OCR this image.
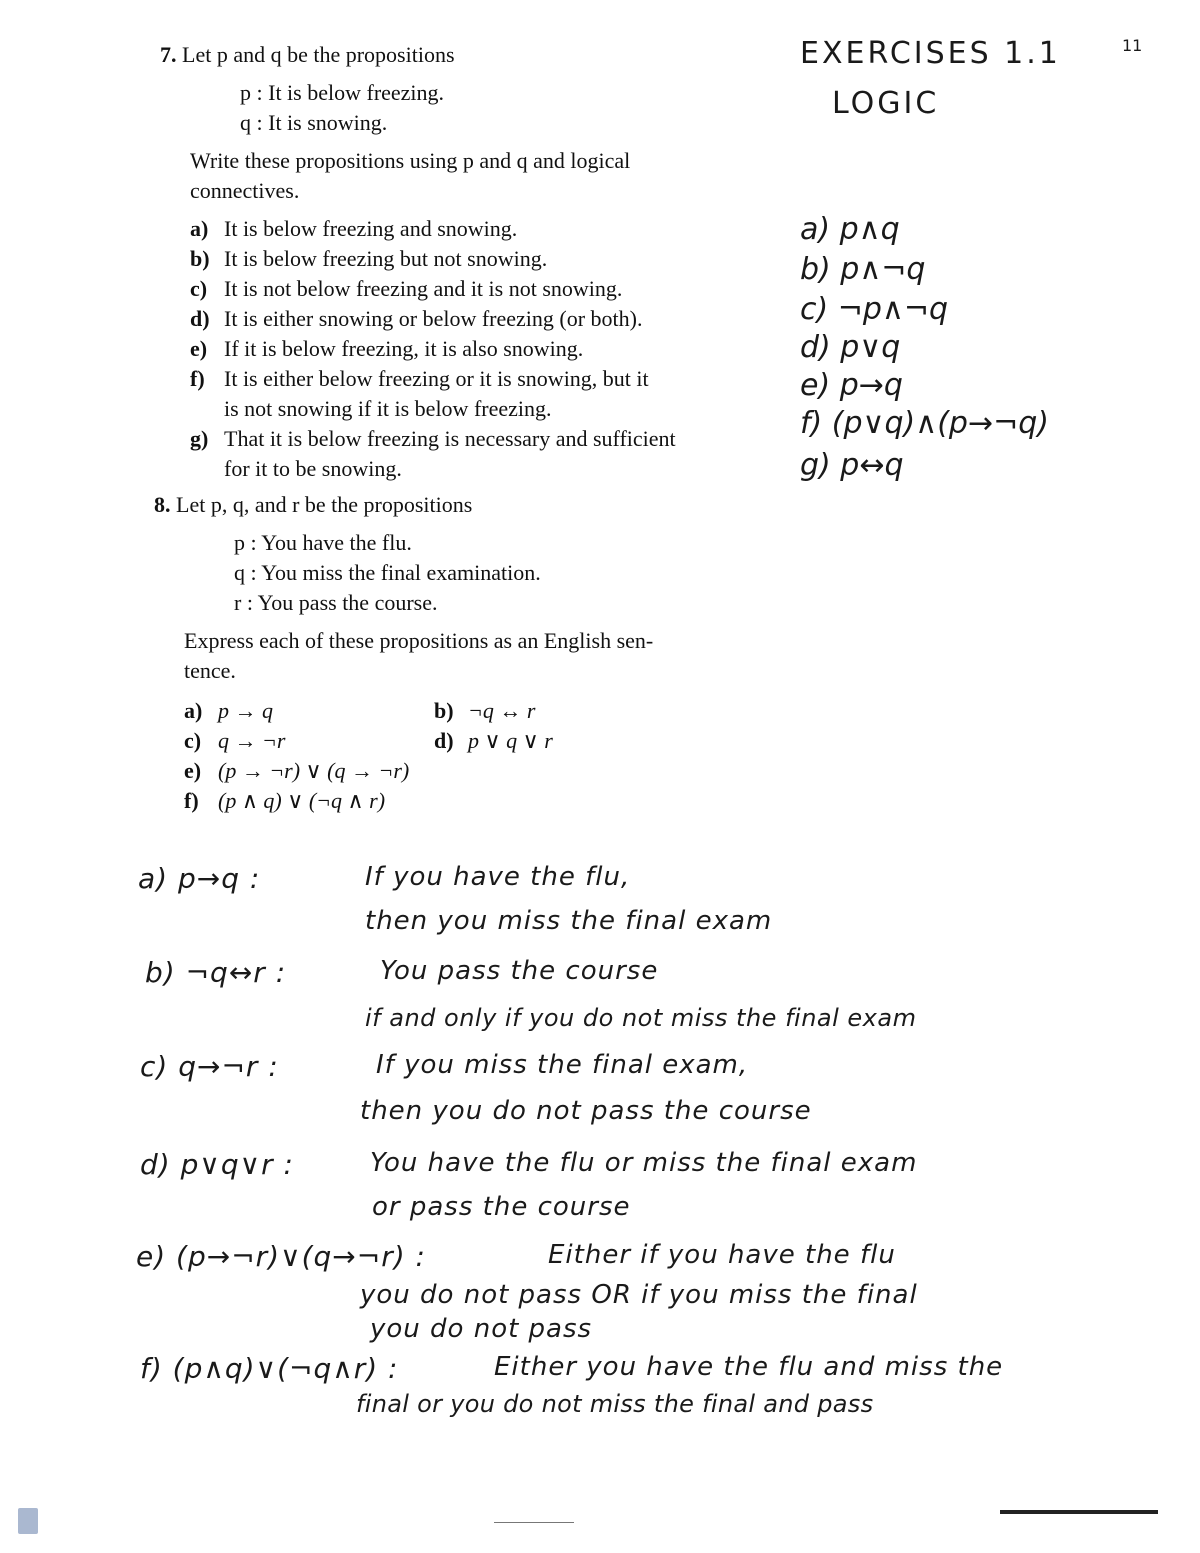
EXERCISES 1.1
LOGIC
11
7. Let p and q be the propositions
p : It is below freezing.
q : It is snowing.
Write these propositions using p and q and logical
connectives.
a) It is below freezing and snowing.
b) It is below freezing but not snowing.
c) It is not below freezing and it is not snowing.
d) It is either snowing or below freezing (or both).
e) If it is below freezing, it is also snowing.
f) It is either below freezing or it is snowing, but it
is not snowing if it is below freezing.
g) That it is below freezing is necessary and sufficient
for it to be snowing.
a) p∧q
b) p∧¬q
c) ¬p∧¬q
d) p∨q
e) p→q
f) (p∨q)∧(p→¬q)
g) p↔q
8. Let p, q, and r be the propositions
p : You have the flu.
q : You miss the final examination.
r : You pass the course.
Express each of these propositions as an English sen-
tence.
a) p → q	b) ¬q ↔ r
c) q → ¬r	d) p ∨ q ∨ r
e) (p → ¬r) ∨ (q → ¬r)
f) (p ∧ q) ∨ (¬q ∧ r)
a) p→q :	If you have the flu,
then you miss the final exam
b) ¬q↔r :	You pass the course
if and only if you do not miss the final exam
c) q→¬r :	If you miss the final exam,
then you do not pass the course
d) p∨q∨r :	You have the flu or miss the final exam
or pass the course
e) (p→¬r)∨(q→¬r) :	Either if you have the flu
you do not pass OR if you miss the final
you do not pass
f) (p∧q)∨(¬q∧r) :	Either you have the flu and miss the
final or you do not miss the final and pass
